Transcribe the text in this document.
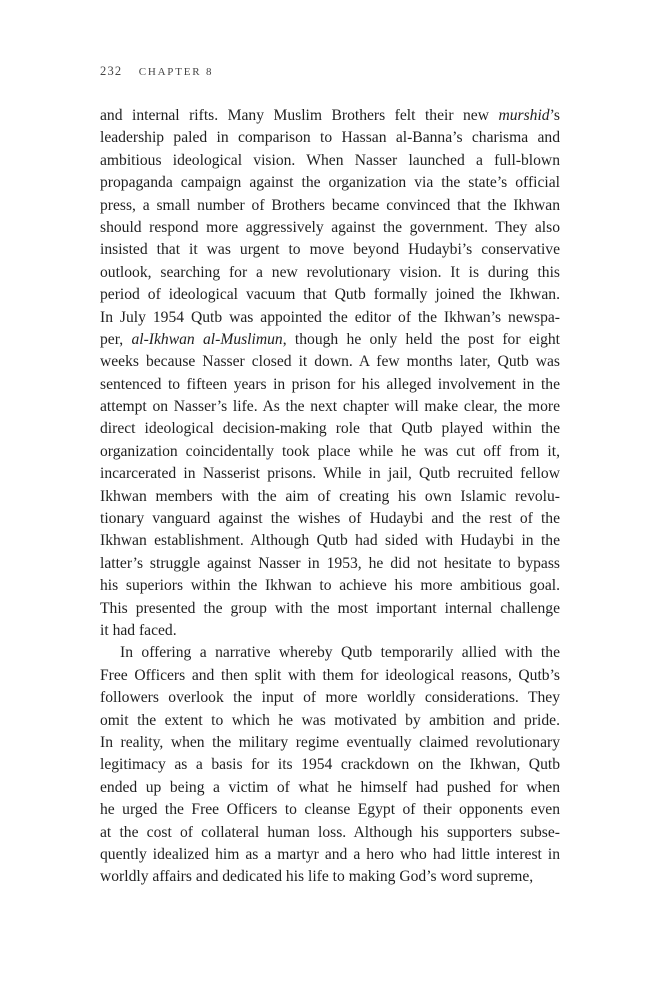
232 CHAPTER 8
and internal rifts. Many Muslim Brothers felt their new murshid’s
leadership paled in comparison to Hassan al-Banna’s charisma and
ambitious ideological vision. When Nasser launched a full-blown
propaganda campaign against the organization via the state’s official
press, a small number of Brothers became convinced that the Ikhwan
should respond more aggressively against the government. They also
insisted that it was urgent to move beyond Hudaybi’s conservative
outlook, searching for a new revolutionary vision. It is during this
period of ideological vacuum that Qutb formally joined the Ikhwan.
In July 1954 Qutb was appointed the editor of the Ikhwan’s newspa-
per, al-Ikhwan al-Muslimun, though he only held the post for eight
weeks because Nasser closed it down. A few months later, Qutb was
sentenced to fifteen years in prison for his alleged involvement in the
attempt on Nasser’s life. As the next chapter will make clear, the more
direct ideological decision-making role that Qutb played within the
organization coincidentally took place while he was cut off from it,
incarcerated in Nasserist prisons. While in jail, Qutb recruited fellow
Ikhwan members with the aim of creating his own Islamic revolu-
tionary vanguard against the wishes of Hudaybi and the rest of the
Ikhwan establishment. Although Qutb had sided with Hudaybi in the
latter’s struggle against Nasser in 1953, he did not hesitate to bypass
his superiors within the Ikhwan to achieve his more ambitious goal.
This presented the group with the most important internal challenge
it had faced.
In offering a narrative whereby Qutb temporarily allied with the
Free Officers and then split with them for ideological reasons, Qutb’s
followers overlook the input of more worldly considerations. They
omit the extent to which he was motivated by ambition and pride.
In reality, when the military regime eventually claimed revolutionary
legitimacy as a basis for its 1954 crackdown on the Ikhwan, Qutb
ended up being a victim of what he himself had pushed for when
he urged the Free Officers to cleanse Egypt of their opponents even
at the cost of collateral human loss. Although his supporters subse-
quently idealized him as a martyr and a hero who had little interest in
worldly affairs and dedicated his life to making God’s word supreme,
